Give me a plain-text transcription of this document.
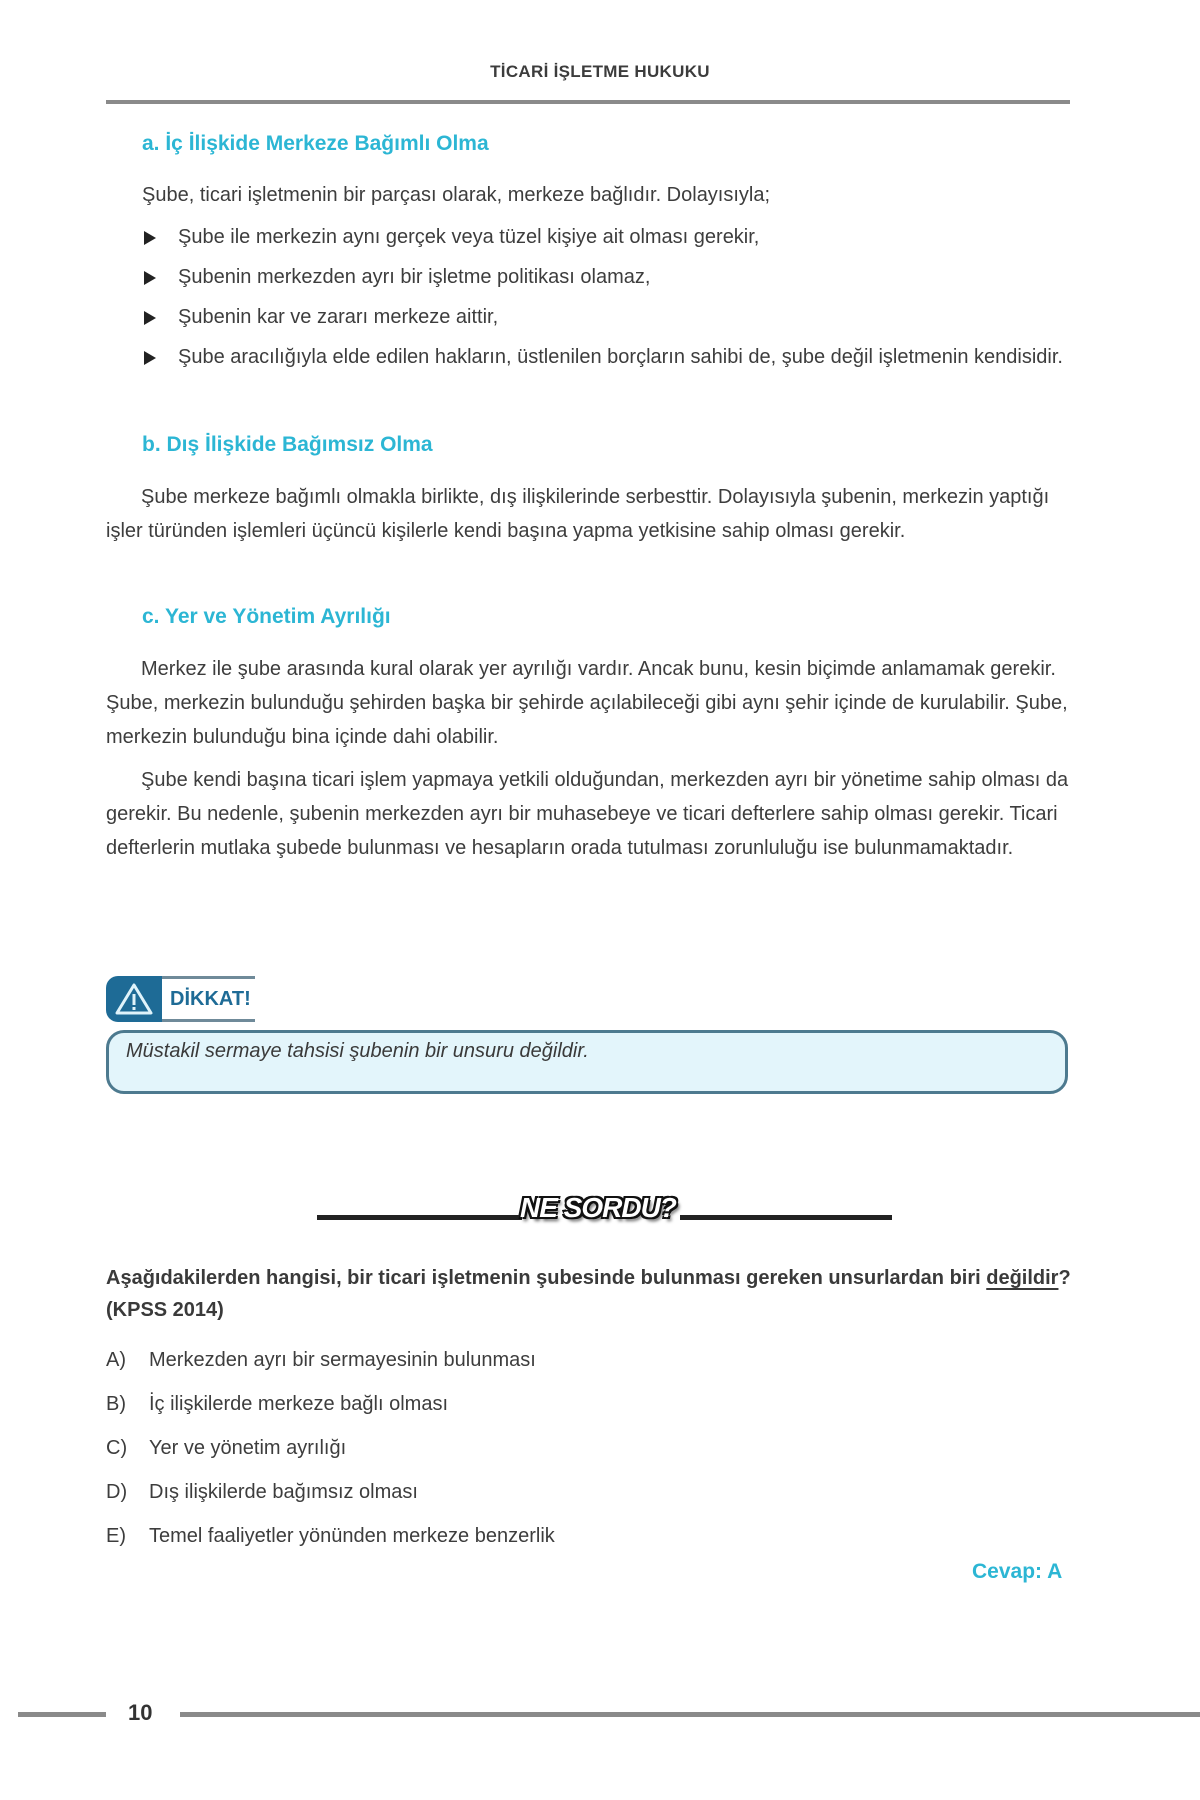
TİCARİ İŞLETME HUKUKU
a. İç İlişkide Merkeze Bağımlı Olma
Şube, ticari işletmenin bir parçası olarak, merkeze bağlıdır. Dolayısıyla;
Şube ile merkezin aynı gerçek veya tüzel kişiye ait olması gerekir,
Şubenin merkezden ayrı bir işletme politikası olamaz,
Şubenin kar ve zararı merkeze aittir,
Şube aracılığıyla elde edilen hakların, üstlenilen borçların sahibi de, şube değil işletmenin kendisidir.
b. Dış İlişkide Bağımsız Olma
Şube merkeze bağımlı olmakla birlikte, dış ilişkilerinde serbesttir. Dolayısıyla şubenin, merkezin yaptığı işler türünden işlemleri üçüncü kişilerle kendi başına yapma yetkisine sahip olması gerekir.
c. Yer ve Yönetim Ayrılığı
Merkez ile şube arasında kural olarak yer ayrılığı vardır. Ancak bunu, kesin biçimde anlamamak gerekir. Şube, merkezin bulunduğu şehirden başka bir şehirde açılabileceği gibi aynı şehir içinde de kurulabilir. Şube, merkezin bulunduğu bina içinde dahi olabilir.
Şube kendi başına ticari işlem yapmaya yetkili olduğundan, merkezden ayrı bir yönetime sahip olması da gerekir. Bu nedenle, şubenin merkezden ayrı bir muhasebeye ve ticari defterlere sahip olması gerekir. Ticari defterlerin mutlaka şubede bulunması ve hesapların orada tutulması zorunluluğu ise bulunmamaktadır.
DİKKAT!
Müstakil sermaye tahsisi şubenin bir unsuru değildir.
NE SORDU?
Aşağıdakilerden hangisi, bir ticari işletmenin şubesinde bulunması gereken unsurlardan biri değildir? (KPSS 2014)
A)	Merkezden ayrı bir sermayesinin bulunması
B)	İç ilişkilerde merkeze bağlı olması
C)	Yer ve yönetim ayrılığı
D)	Dış ilişkilerde bağımsız olması
E)	Temel faaliyetler yönünden merkeze benzerlik
Cevap: A
10
